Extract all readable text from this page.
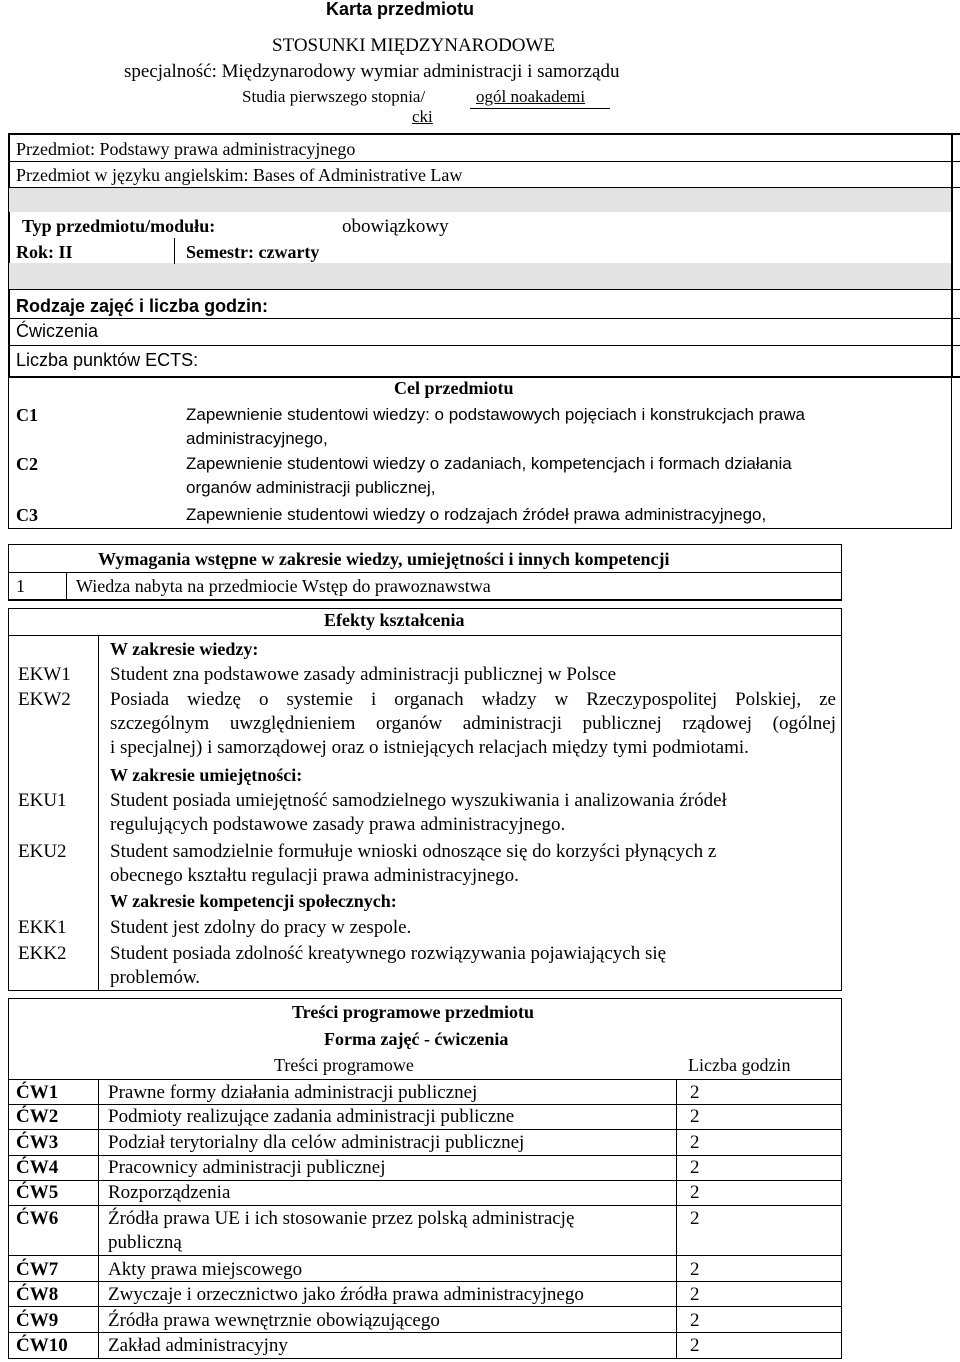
Karta przedmiotu
STOSUNKI MIĘDZYNARODOWE
specjalność: Międzynarodowy wymiar administracji i samorządu
Studia pierwszego stopnia/	ogól noakademi
cki
Przedmiot: Podstawy prawa administracyjnego
Przedmiot w języku angielskim: Bases of Administrative Law
Typ przedmiotu/modułu:	obowiązkowy
Rok: II	Semestr: czwarty
Rodzaje zajęć i liczba godzin:
Ćwiczenia
Liczba punktów ECTS:
Cel przedmiotu
C1	Zapewnienie studentowi wiedzy: o podstawowych pojęciach i konstrukcjach prawa
administracyjnego,
C2	Zapewnienie studentowi wiedzy o zadaniach, kompetencjach i formach działania
organów administracji publicznej,
C3	Zapewnienie studentowi wiedzy o rodzajach źródeł prawa administracyjnego,
Wymagania wstępne w zakresie wiedzy, umiejętności i innych kompetencji
1	Wiedza nabyta na przedmiocie Wstęp do prawoznawstwa
Efekty kształcenia
W zakresie wiedzy:
W zakresie umiejętności:
W zakresie kompetencji społecznych:
EKW1 Student zna podstawowe zasady administracji publicznej w Polsce
EKW2 Posiada wiedzę o systemie i organach władzy w Rzeczypospolitej Polskiej, ze
szczególnym uwzględnieniem organów administracji publicznej rządowej (ogólnej
i specjalnej) i samorządowej oraz o istniejących relacjach między tymi podmiotami.
EKU1 Student posiada umiejętność samodzielnego wyszukiwania i analizowania źródeł
regulujących podstawowe zasady prawa administracyjnego.
EKU2 Student samodzielnie formułuje wnioski odnoszące się do korzyści płynących z
obecnego kształtu regulacji prawa administracyjnego.
EKK1 Student jest zdolny do pracy w zespole.
EKK2 Student posiada zdolność kreatywnego rozwiązywania pojawiających się
problemów.
Treści programowe przedmiotu
Forma zajęć - ćwiczenia
Treści programowe	Liczba godzin
ĆW1	Prawne formy działania administracji publicznej	2
ĆW2	Podmioty realizujące zadania administracji publiczne	2
ĆW3	Podział terytorialny dla celów administracji publicznej	2
ĆW4	Pracownicy administracji publicznej	2
ĆW5	Rozporządzenia	2
ĆW6	Źródła prawa UE i ich stosowanie przez polską administrację
publiczną
2
ĆW7	Akty prawa miejscowego	2
ĆW8	Zwyczaje i orzecznictwo jako źródła prawa administracyjnego	2
ĆW9	Źródła prawa wewnętrznie obowiązującego	2
ĆW10 Zakład administracyjny	2
